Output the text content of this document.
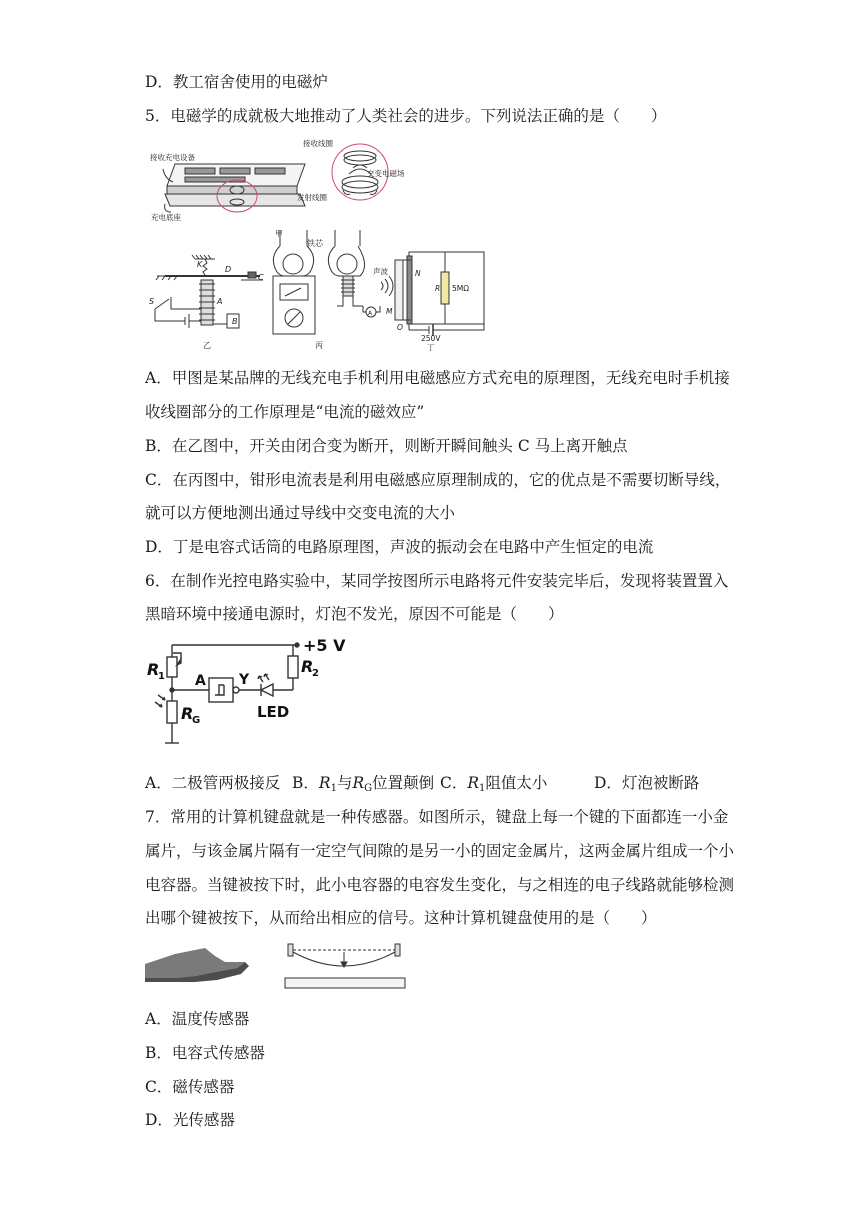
D．教工宿舍使用的电磁炉
5．电磁学的成就极大地推动了人类社会的进步。下列说法正确的是（　　）
接收充电设备
充电底座
接收线圈
交变电磁场
发射线圈
甲
K
D
C
S	A
B
乙
铁芯
A
丙
声波	N
M
O
R 5MΩ
250V
丁
A．甲图是某品牌的无线充电手机利用电磁感应方式充电的原理图，无线充电时手机接
收线圈部分的工作原理是“电流的磁效应”
B．在乙图中，开关由闭合变为断开，则断开瞬间触头 C 马上离开触点
C．在丙图中，钳形电流表是利用电磁感应原理制成的，它的优点是不需要切断导线，
就可以方便地测出通过导线中交变电流的大小
D．丁是电容式话筒的电路原理图，声波的振动会在电路中产生恒定的电流
6．在制作光控电路实验中，某同学按图所示电路将元件安装完毕后，发现将装置置入
黑暗环境中接通电源时，灯泡不发光，原因不可能是（　　）
+5 V
R
1
R
2
R
G
A Y
LED
A．二极管两极接反 B．R1与RG位置颠倒 C．R1阻值太小	D．灯泡被断路
7．常用的计算机键盘就是一种传感器。如图所示，键盘上每一个键的下面都连一小金
属片，与该金属片隔有一定空气间隙的是另一小的固定金属片，这两金属片组成一个小
电容器。当键被按下时，此小电容器的电容发生变化，与之相连的电子线路就能够检测
出哪个键被按下，从而给出相应的信号。这种计算机键盘使用的是（　　）
A．温度传感器
B．电容式传感器
C．磁传感器
D．光传感器
